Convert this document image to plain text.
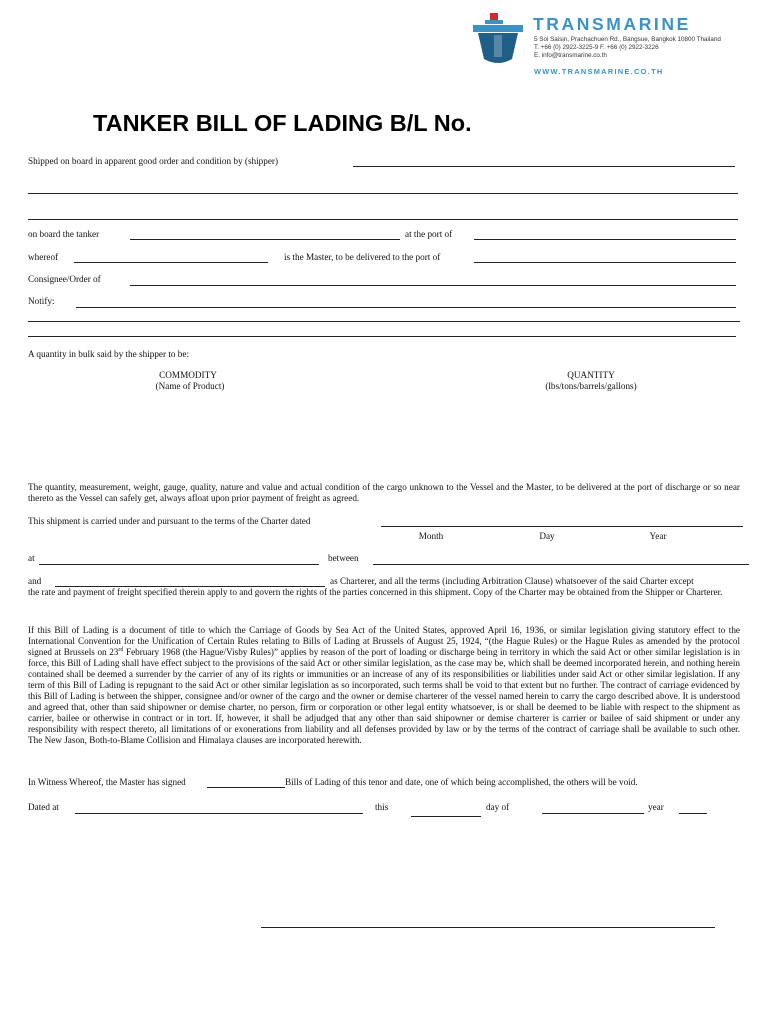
TRANSMARINE
5 Soi Saisin, Prachachuen Rd., Bangsue, Bangkok 10800 Thailand
T. +66 (0) 2922-3225-9 F. +66 (0) 2922-3226
E. info@transmarine.co.th
WWW.TRANSMARINE.CO.TH
TANKER BILL OF LADING B/L No.
Shipped on board in apparent good order and condition by (shipper)
on board the tanker	at the port of
whereof	is the Master, to be delivered to the port of
Consignee/Order of
Notify:
A quantity in bulk said by the shipper to be:
COMMODITY
(Name of Product)
QUANTITY
(lbs/tons/barrels/gallons)
The quantity, measurement, weight, gauge, quality, nature and value and actual condition of the cargo unknown to the Vessel and the Master, to be delivered at the port of discharge or so near thereto as the Vessel can safely get, always afloat upon prior payment of freight as agreed.
This shipment is carried under and pursuant to the terms of the Charter dated
Month	Day	Year
at	between
and	as Charterer, and all the terms (including Arbitration Clause) whatsoever of the said Charter except
the rate and payment of freight specified therein apply to and govern the rights of the parties concerned in this shipment. Copy of the Charter may be obtained from the Shipper or Charterer.
If this Bill of Lading is a document of title to which the Carriage of Goods by Sea Act of the United States, approved April 16, 1936, or similar legislation giving statutory effect to the International Convention for the Unification of Certain Rules relating to Bills of Lading at Brussels of August 25, 1924, “(the Hague Rules) or the Hague Rules as amended by the protocol signed at Brussels on 23rd February 1968 (the Hague/Visby Rules)” applies by reason of the port of loading or discharge being in territory in which the said Act or other similar legislation is in force, this Bill of Lading shall have effect subject to the provisions of the said Act or other similar legislation, as the case may be, which shall be deemed incorporated herein, and nothing herein contained shall be deemed a surrender by the carrier of any of its rights or immunities or an increase of any of its responsibilities or liabilities under said Act or other similar legislation. If any term of this Bill of Lading is repugnant to the said Act or other similar legislation as so incorporated, such terms shall be void to that extent but no further. The contract of carriage evidenced by this Bill of Lading is between the shipper, consignee and/or owner of the cargo and the owner or demise charterer of the vessel named herein to carry the cargo described above. It is understood and agreed that, other than said shipowner or demise charter, no person, firm or corporation or other legal entity whatsoever, is or shall be deemed to be liable with respect to the shipment as carrier, bailee or otherwise in contract or in tort. If, however, it shall be adjudged that any other than said shipowner or demise charterer is carrier or bailee of said shipment or under any responsibility with respect thereto, all limitations of or exonerations from liability and all defenses provided by law or by the terms of the contract of carriage shall be available to such other. The New Jason, Both-to-Blame Collision and Himalaya clauses are incorporated herewith.
In Witness Whereof, the Master has signed	Bills of Lading of this tenor and date, one of which being accomplished, the others will be void.
Dated at	this	day of	year
